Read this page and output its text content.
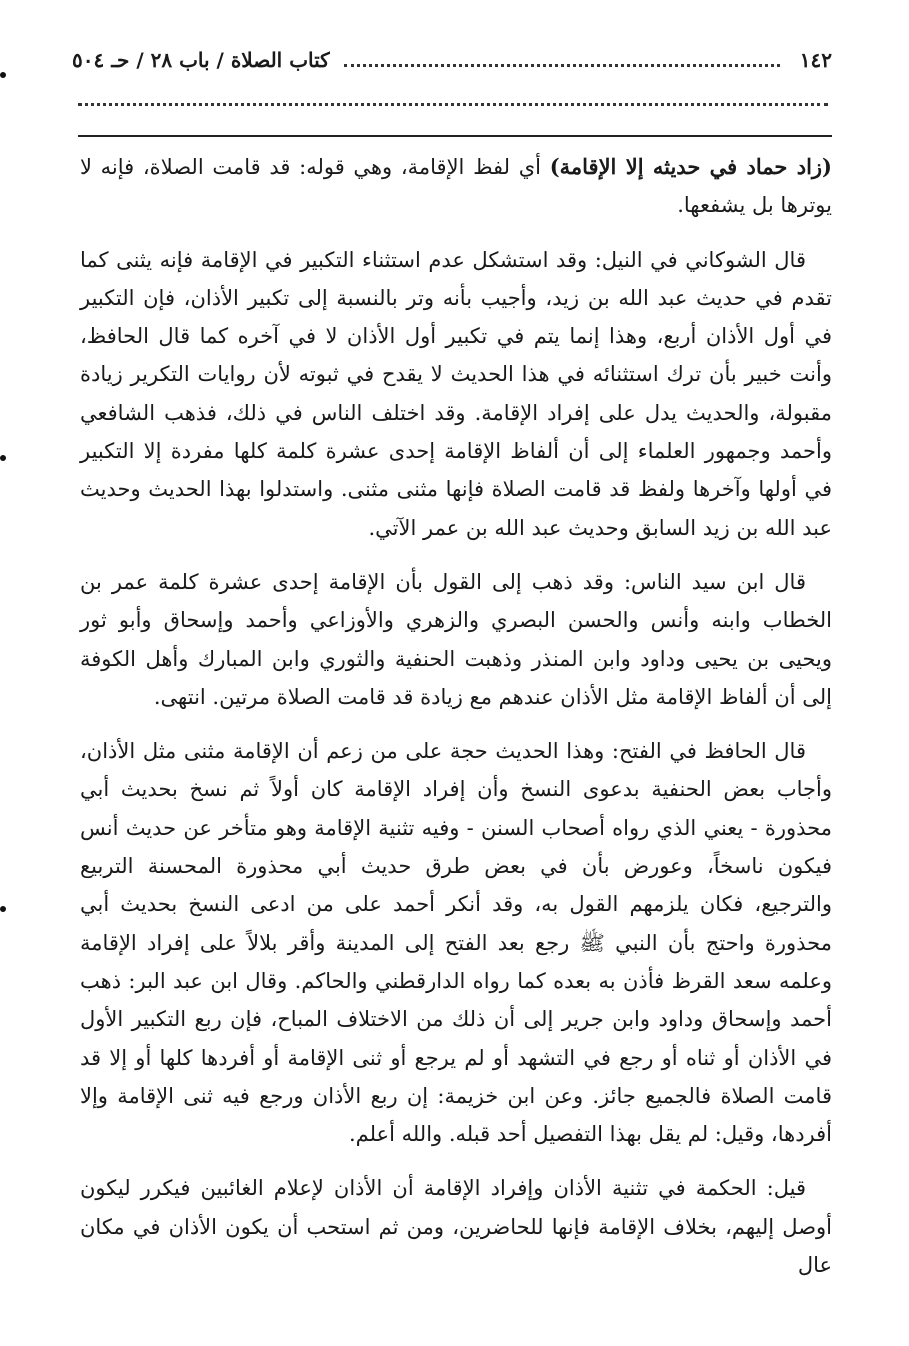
١٤٢
كتاب الصلاة / باب ٢٨ / حـ ٥٠٤

(زاد حماد في حديثه إلا الإقامة) أي لفظ الإقامة، وهي قوله: قد قامت الصلاة، فإنه لا يوترها بل يشفعها.

قال الشوكاني في النيل: وقد استشكل عدم استثناء التكبير في الإقامة فإنه يثنى كما تقدم في حديث عبد الله بن زيد، وأجيب بأنه وتر بالنسبة إلى تكبير الأذان، فإن التكبير في أول الأذان أربع، وهذا إنما يتم في تكبير أول الأذان لا في آخره كما قال الحافظ، وأنت خبير بأن ترك استثنائه في هذا الحديث لا يقدح في ثبوته لأن روايات التكرير زيادة مقبولة، والحديث يدل على إفراد الإقامة. وقد اختلف الناس في ذلك، فذهب الشافعي وأحمد وجمهور العلماء إلى أن ألفاظ الإقامة إحدى عشرة كلمة كلها مفردة إلا التكبير في أولها وآخرها ولفظ قد قامت الصلاة فإنها مثنى مثنى. واستدلوا بهذا الحديث وحديث عبد الله بن زيد السابق وحديث عبد الله بن عمر الآتي.

قال ابن سيد الناس: وقد ذهب إلى القول بأن الإقامة إحدى عشرة كلمة عمر بن الخطاب وابنه وأنس والحسن البصري والزهري والأوزاعي وأحمد وإسحاق وأبو ثور ويحيى بن يحيى وداود وابن المنذر وذهبت الحنفية والثوري وابن المبارك وأهل الكوفة إلى أن ألفاظ الإقامة مثل الأذان عندهم مع زيادة قد قامت الصلاة مرتين. انتهى.

قال الحافظ في الفتح: وهذا الحديث حجة على من زعم أن الإقامة مثنى مثل الأذان، وأجاب بعض الحنفية بدعوى النسخ وأن إفراد الإقامة كان أولاً ثم نسخ بحديث أبي محذورة - يعني الذي رواه أصحاب السنن - وفيه تثنية الإقامة وهو متأخر عن حديث أنس فيكون ناسخاً، وعورض بأن في بعض طرق حديث أبي محذورة المحسنة التربيع والترجيع، فكان يلزمهم القول به، وقد أنكر أحمد على من ادعى النسخ بحديث أبي محذورة واحتج بأن النبي ﷺ رجع بعد الفتح إلى المدينة وأقر بلالاً على إفراد الإقامة وعلمه سعد القرظ فأذن به بعده كما رواه الدارقطني والحاكم. وقال ابن عبد البر: ذهب أحمد وإسحاق وداود وابن جرير إلى أن ذلك من الاختلاف المباح، فإن ربع التكبير الأول في الأذان أو ثناه أو رجع في التشهد أو لم يرجع أو ثنى الإقامة أو أفردها كلها أو إلا قد قامت الصلاة فالجميع جائز. وعن ابن خزيمة: إن ربع الأذان ورجع فيه ثنى الإقامة وإلا أفردها، وقيل: لم يقل بهذا التفصيل أحد قبله. والله أعلم.

قيل: الحكمة في تثنية الأذان وإفراد الإقامة أن الأذان لإعلام الغائبين فيكرر ليكون أوصل إليهم، بخلاف الإقامة فإنها للحاضرين، ومن ثم استحب أن يكون الأذان في مكان عال
